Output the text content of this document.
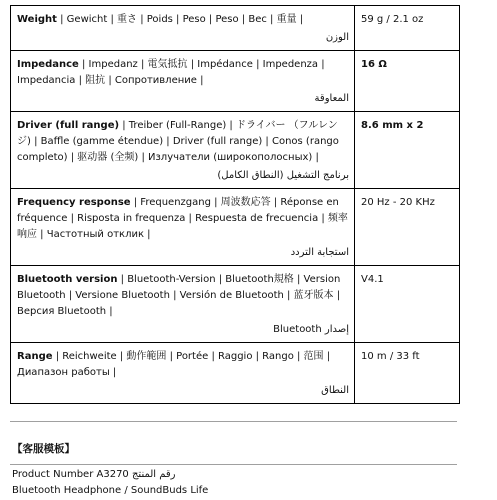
Weight | Gewicht | 重さ | Poids | Peso | Peso | Bec | 重量 |
الوزن	59 g / 2.1 oz

Impedance | Impedanz | 電気抵抗 | Impédance | Impedenza | Impedancia | 阻抗 | Сопротивление |
المعاوقة	16 Ω

Driver (full range) | Treiber (Full-Range) | ドライバー （フルレンジ) | Baffle (gamme étendue) | Driver (full range) | Conos (rango completo) | 驱动器 (全频) | Излучатели (широкополосных) |
برنامج التشغيل (النطاق الكامل)	8.6 mm x 2

Frequency response | Frequenzgang | 周波数応答 | Réponse en fréquence | Risposta in frequenza | Respuesta de frecuencia | 频率响应 | Частотный отклик |
استجابة التردد	20 Hz - 20 KHz

Bluetooth version | Bluetooth-Version | Bluetooth規格 | Version Bluetooth | Versione Bluetooth | Versión de Bluetooth | 蓝牙版本 | Версия Bluetooth |
إصدار Bluetooth	V4.1

Range | Reichweite | 動作範囲 | Portée | Raggio | Rango | 范围 | Диапазон работы |
النطاق	10 m / 33 ft
【客服模板】
Product Number A3270 رقم المنتج
Bluetooth Headphone / SoundBuds Life
